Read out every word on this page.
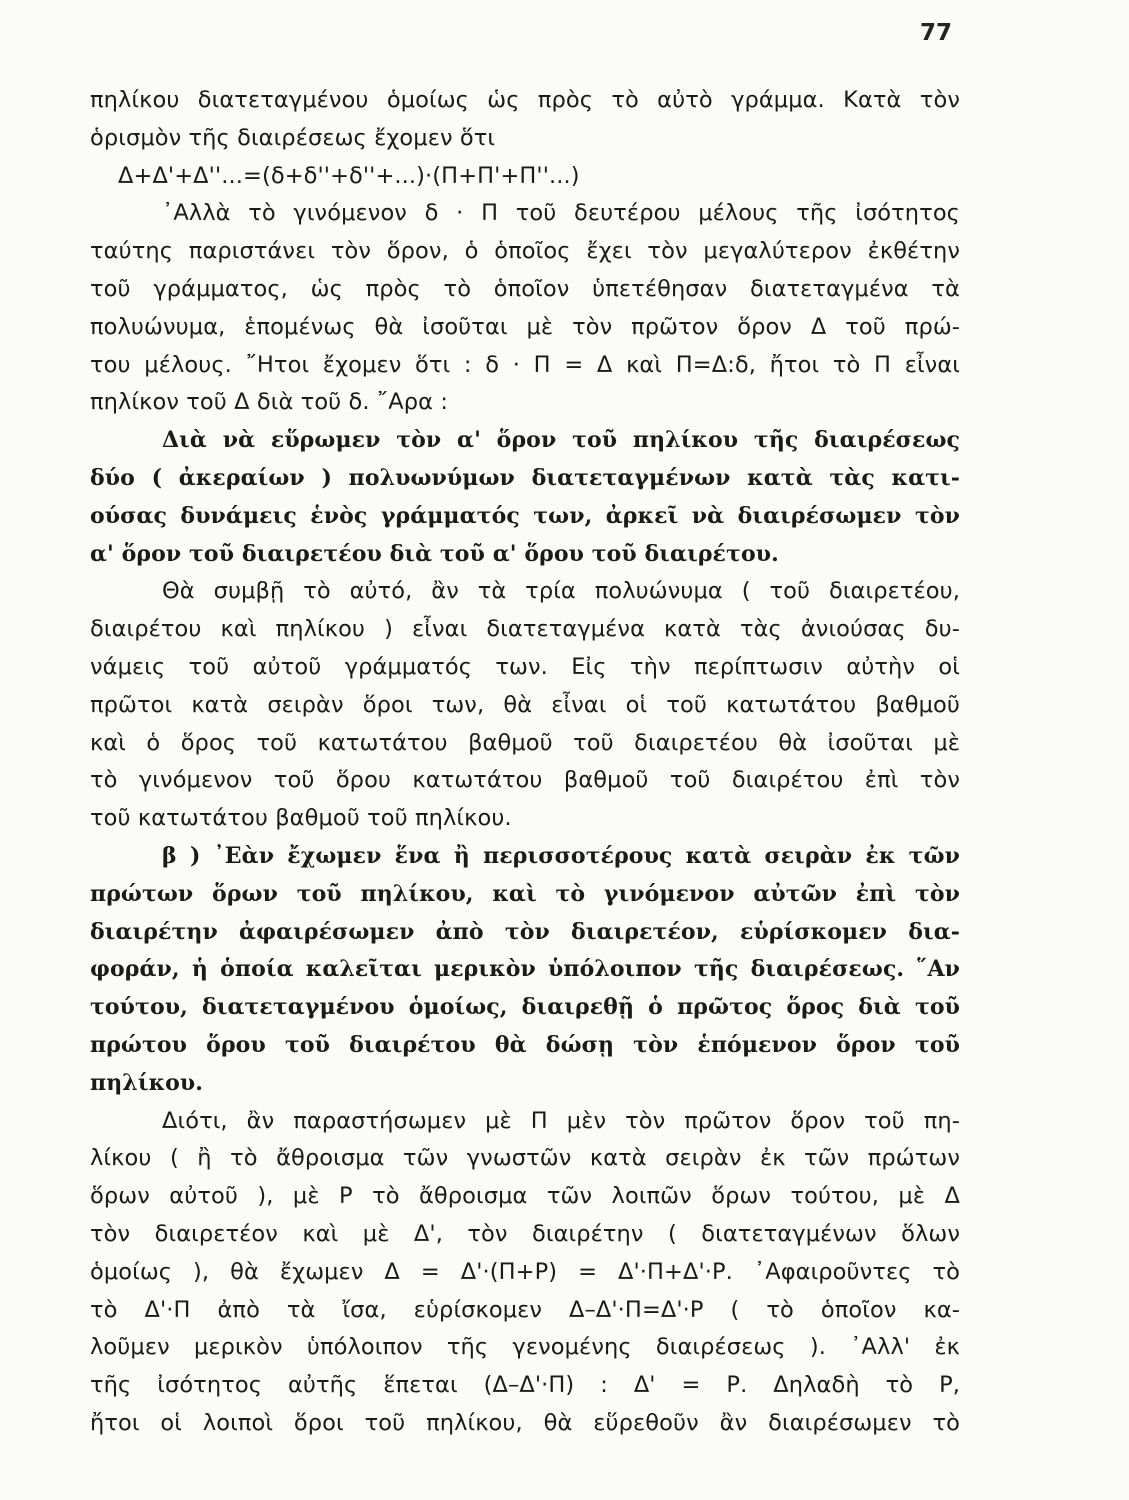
77
πηλίκου διατεταγμένου ὁμοίως ὡς πρὸς τὸ αὐτὸ γράμμα. Κατὰ τὸν
ὁρισμὸν τῆς διαιρέσεως ἔχομεν ὅτι
Δ+Δ'+Δ''...=(δ+δ''+δ''+...)·(Π+Π'+Π''...)
᾿Αλλὰ τὸ γινόμενον δ · Π τοῦ δευτέρου μέλους τῆς ἰσότητος
ταύτης παριστάνει τὸν ὅρον, ὁ ὁποῖος ἔχει τὸν μεγαλύτερον ἐκθέτην
τοῦ γράμματος, ὡς πρὸς τὸ ὁποῖον ὑπετέθησαν διατεταγμένα τὰ
πολυώνυμα, ἑπομένως θὰ ἰσοῦται μὲ τὸν πρῶτον ὅρον Δ τοῦ πρώ-
του μέλους. ῎Ητοι ἔχομεν ὅτι : δ · Π = Δ καὶ Π=Δ:δ, ἤτοι τὸ Π εἶναι
πηλίκον τοῦ Δ διὰ τοῦ δ. ῎Αρα :
Διὰ νὰ εὕρωμεν τὸν α' ὅρον τοῦ πηλίκου τῆς διαιρέσεως
δύο ( ἀκεραίων ) πολυωνύμων διατεταγμένων κατὰ τὰς κατι-
ούσας δυνάμεις ἑνὸς γράμματός των, ἀρκεῖ νὰ διαιρέσωμεν τὸν
α' ὅρον τοῦ διαιρετέου διὰ τοῦ α' ὅρου τοῦ διαιρέτου.
Θὰ συμβῇ τὸ αὐτό, ἂν τὰ τρία πολυώνυμα ( τοῦ διαιρετέου,
διαιρέτου καὶ πηλίκου ) εἶναι διατεταγμένα κατὰ τὰς ἀνιούσας δυ-
νάμεις τοῦ αὐτοῦ γράμματός των. Εἰς τὴν περίπτωσιν αὐτὴν οἱ
πρῶτοι κατὰ σειρὰν ὅροι των, θὰ εἶναι οἱ τοῦ κατωτάτου βαθμοῦ
καὶ ὁ ὅρος τοῦ κατωτάτου βαθμοῦ τοῦ διαιρετέου θὰ ἰσοῦται μὲ
τὸ γινόμενον τοῦ ὅρου κατωτάτου βαθμοῦ τοῦ διαιρέτου ἐπὶ τὸν
τοῦ κατωτάτου βαθμοῦ τοῦ πηλίκου.
β ) ᾿Εὰν ἔχωμεν ἕνα ἢ περισσοτέρους κατὰ σειρὰν ἐκ τῶν
πρώτων ὅρων τοῦ πηλίκου, καὶ τὸ γινόμενον αὐτῶν ἐπὶ τὸν
διαιρέτην ἀφαιρέσωμεν ἀπὸ τὸν διαιρετέον, εὑρίσκομεν δια-
φοράν, ἡ ὁποία καλεῖται μερικὸν ὑπόλοιπον τῆς διαιρέσεως. ῞Αν
τούτου, διατεταγμένου ὁμοίως, διαιρεθῇ ὁ πρῶτος ὅρος διὰ τοῦ
πρώτου ὅρου τοῦ διαιρέτου θὰ δώσῃ τὸν ἑπόμενον ὅρον τοῦ
πηλίκου.
Διότι, ἂν παραστήσωμεν μὲ Π μὲν τὸν πρῶτον ὅρον τοῦ πη-
λίκου ( ἢ τὸ ἄθροισμα τῶν γνωστῶν κατὰ σειρὰν ἐκ τῶν πρώτων
ὅρων αὐτοῦ ), μὲ Ρ τὸ ἄθροισμα τῶν λοιπῶν ὅρων τούτου, μὲ Δ
τὸν διαιρετέον καὶ μὲ Δ', τὸν διαιρέτην ( διατεταγμένων ὅλων
ὁμοίως ), θὰ ἔχωμεν Δ = Δ'·(Π+Ρ) = Δ'·Π+Δ'·Ρ. ᾿Αφαιροῦντες τὸ
τὸ Δ'·Π ἀπὸ τὰ ἴσα, εὑρίσκομεν Δ–Δ'·Π=Δ'·Ρ ( τὸ ὁποῖον κα-
λοῦμεν μερικὸν ὑπόλοιπον τῆς γενομένης διαιρέσεως ). ᾿Αλλ' ἐκ
τῆς ἰσότητος αὐτῆς ἕπεται (Δ–Δ'·Π) : Δ' = Ρ. Δηλαδὴ τὸ Ρ,
ἤτοι οἱ λοιποὶ ὅροι τοῦ πηλίκου, θὰ εὕρεθοῦν ἂν διαιρέσωμεν τὸ
